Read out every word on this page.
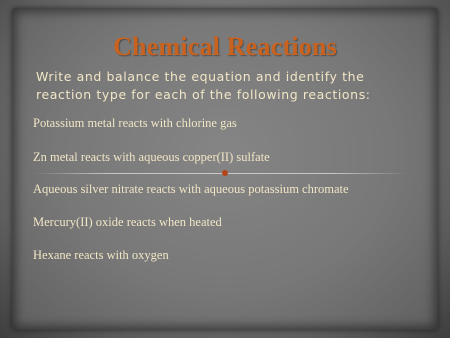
Chemical Reactions
Write and balance the equation and identify the reaction type for each of the following reactions:
Potassium metal reacts with chlorine gas
Zn metal reacts with aqueous copper(II) sulfate
Aqueous silver nitrate reacts with aqueous potassium chromate
Mercury(II) oxide reacts when heated
Hexane reacts with oxygen
